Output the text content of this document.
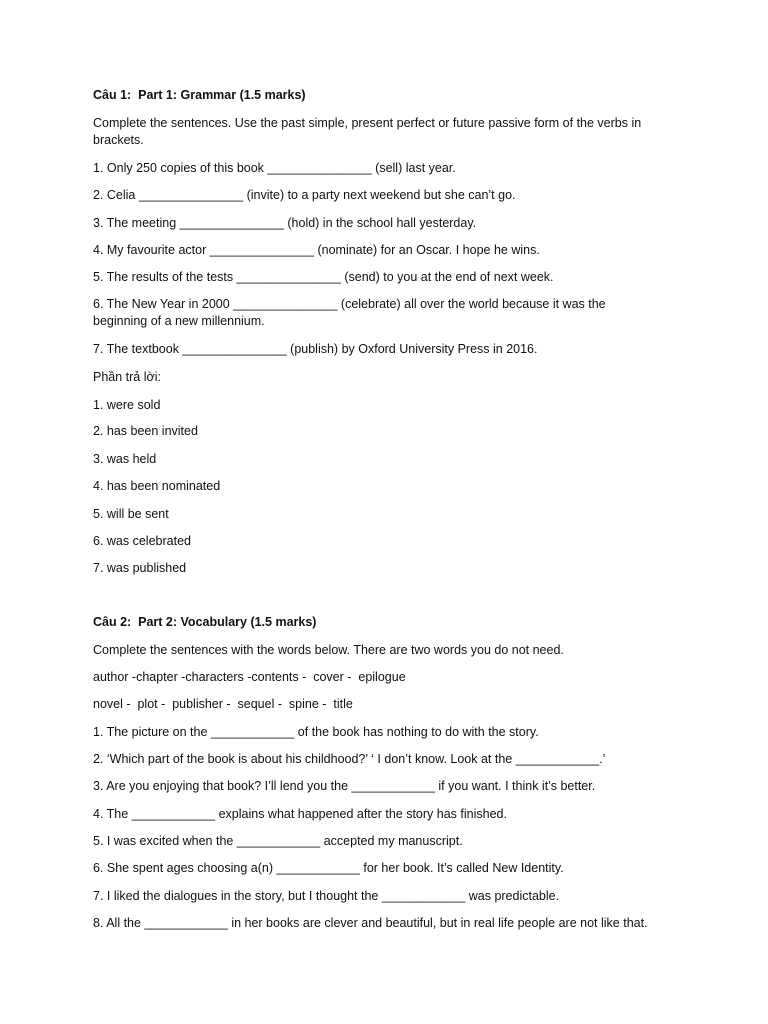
Câu 1:  Part 1: Grammar (1.5 marks)

Complete the sentences. Use the past simple, present perfect or future passive form of the verbs in brackets.

1. Only 250 copies of this book _______________ (sell) last year.

2. Celia _______________ (invite) to a party next weekend but she can’t go.

3. The meeting _______________ (hold) in the school hall yesterday.

4. My favourite actor _______________ (nominate) for an Oscar. I hope he wins.

5. The results of the tests _______________ (send) to you at the end of next week.

6. The New Year in 2000 _______________ (celebrate) all over the world because it was the beginning of a new millennium.

7. The textbook _______________ (publish) by Oxford University Press in 2016.

Phần trả lời:

1. were sold

2. has been invited

3. was held

4. has been nominated

5. will be sent

6. was celebrated

7. was published

Câu 2:  Part 2: Vocabulary (1.5 marks)

Complete the sentences with the words below. There are two words you do not need.

author -chapter -characters -contents -  cover -  epilogue

novel -  plot -  publisher -  sequel -  spine -  title

1. The picture on the ____________ of the book has nothing to do with the story.

2. ‘Which part of the book is about his childhood?’ ‘ I don’t know. Look at the ____________.’

3. Are you enjoying that book? I’ll lend you the ____________ if you want. I think it’s better.

4. The ____________ explains what happened after the story has finished.

5. I was excited when the ____________ accepted my manuscript.

6. She spent ages choosing a(n) ____________ for her book. It’s called New Identity.

7. I liked the dialogues in the story, but I thought the ____________ was predictable.

8. All the ____________ in her books are clever and beautiful, but in real life people are not like that.
